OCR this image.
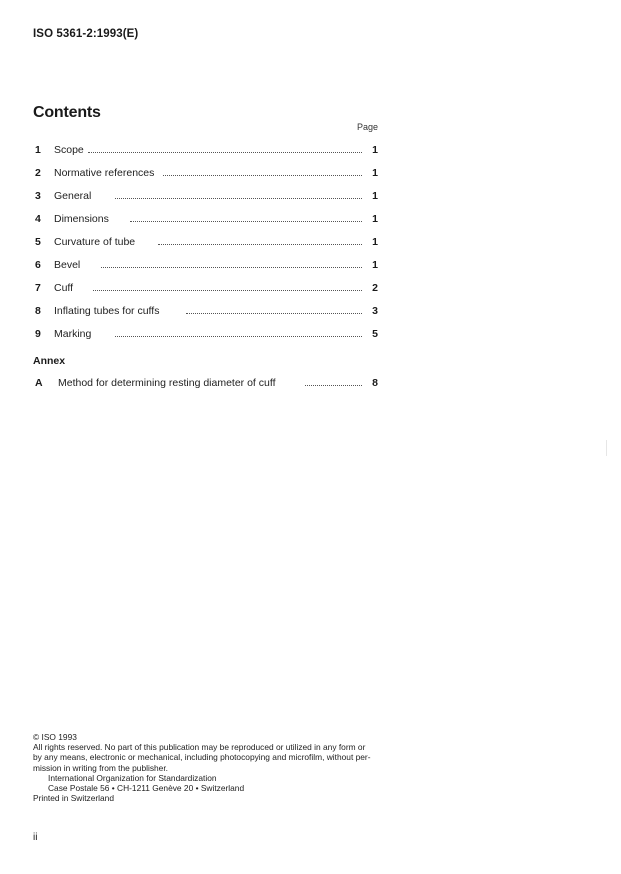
ISO 5361-2:1993(E)
Contents
Page
1	Scope	1
2	Normative references	1
3	General	1
4	Dimensions	1
5	Curvature of tube	1
6	Bevel	1
7	Cuff	2
8	Inflating tubes for cuffs	3
9	Marking	5
Annex
A	Method for determining resting diameter of cuff	8
© ISO 1993
All rights reserved. No part of this publication may be reproduced or utilized in any form or
by any means, electronic or mechanical, including photocopying and microfilm, without per-
mission in writing from the publisher.
International Organization for Standardization
Case Postale 56 • CH-1211 Genève 20 • Switzerland
Printed in Switzerland
ii
